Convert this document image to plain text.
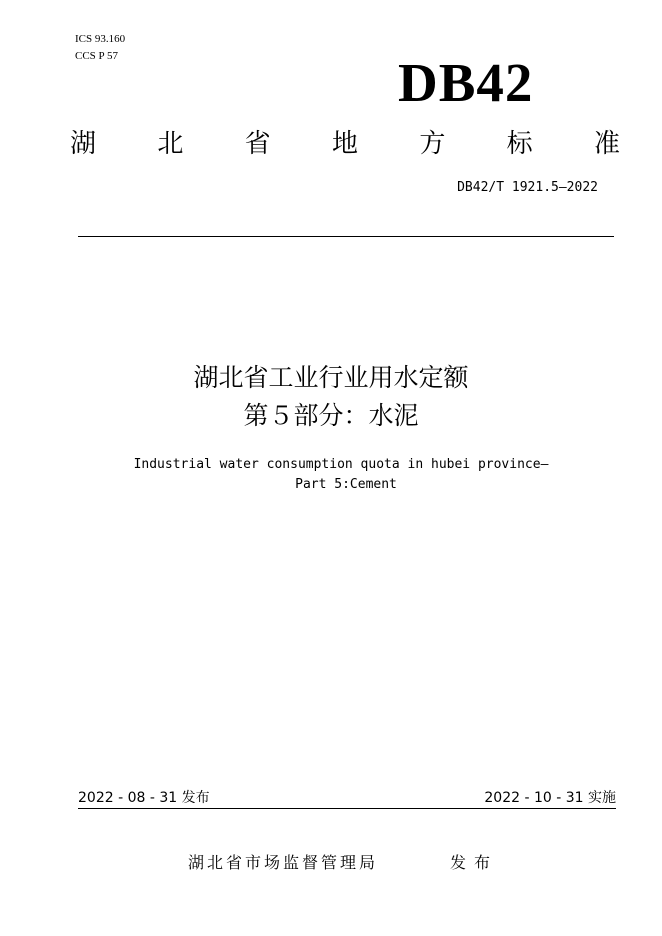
ICS 93.160
CCS P 57	DB42
湖 北 省 地 方 标 准
DB42/T 1921.5—2022
湖北省工业行业用水定额
第５部分：水泥
Industrial water consumption quota in hubei province—
Part 5:Cement
2022 - 08 - 31 发布	2022 - 10 - 31 实施
湖北省市场监督管理局	发布
